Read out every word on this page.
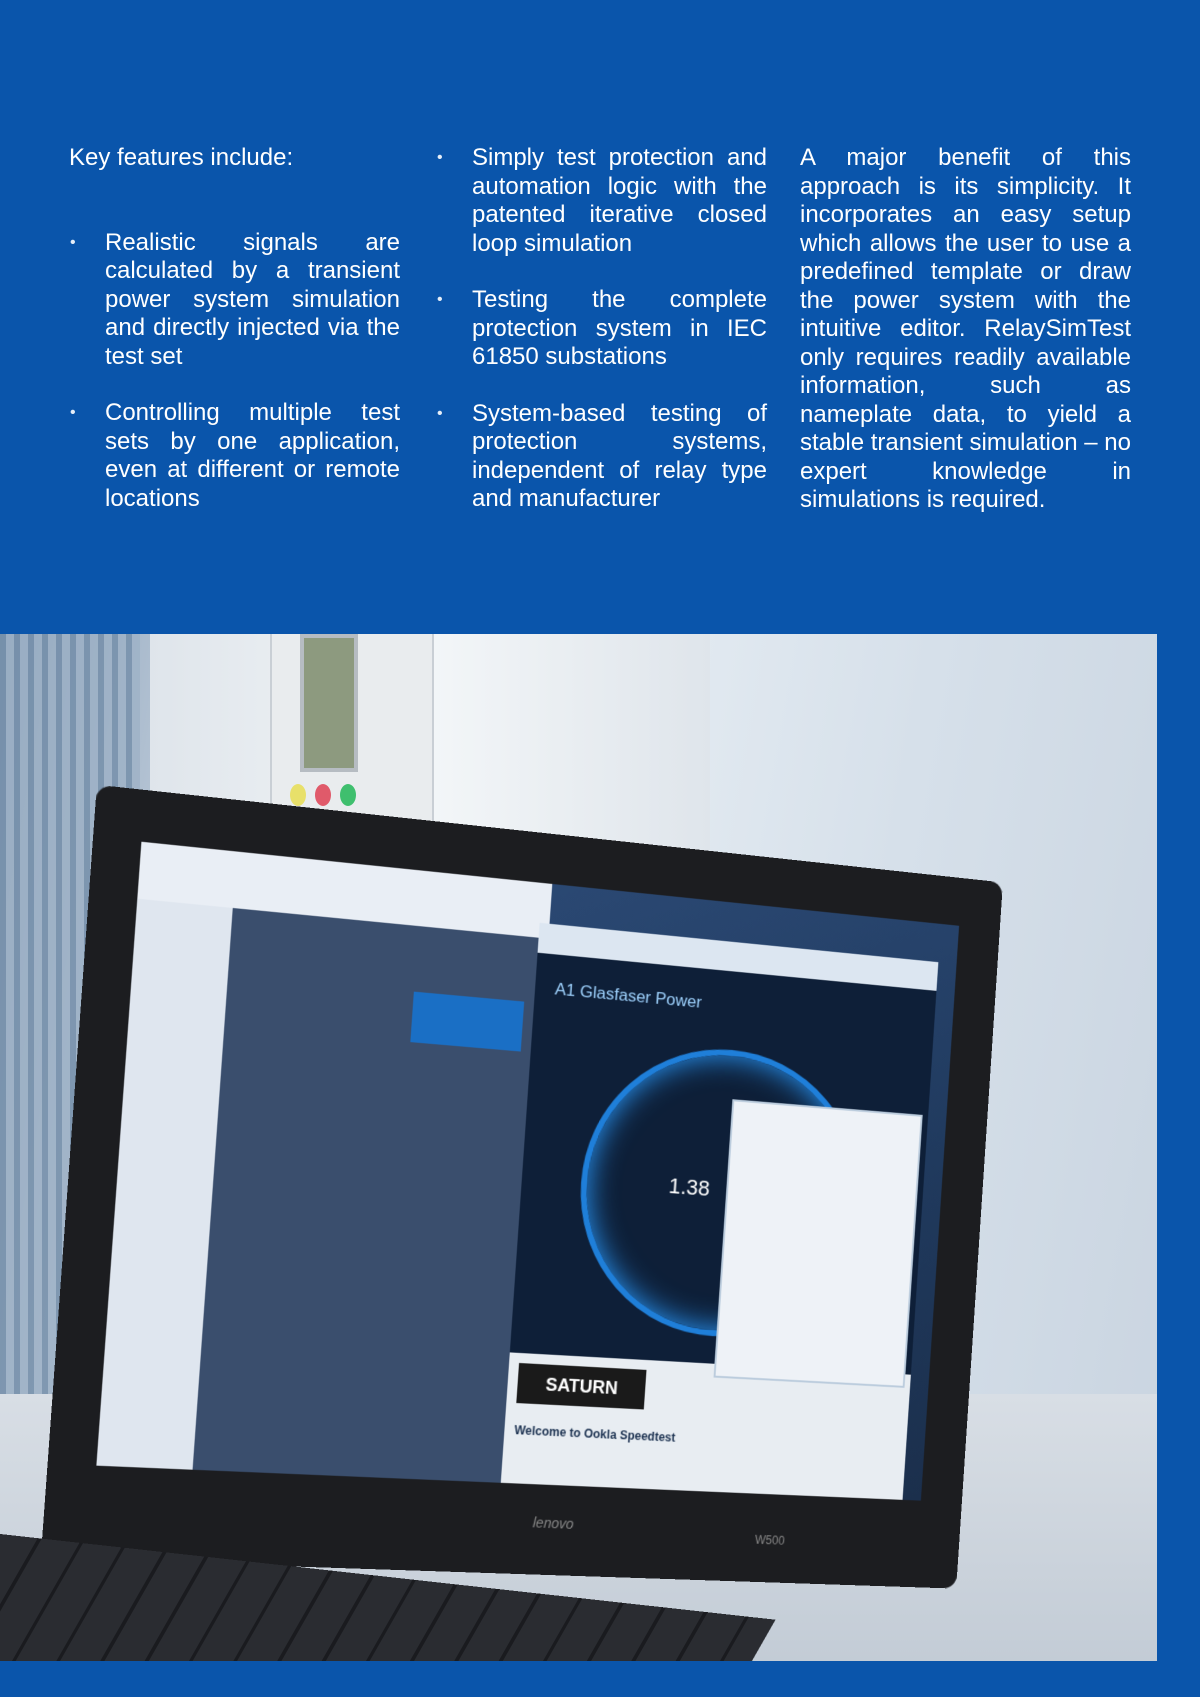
Key features include:

• Realistic signals are calculated by a transient power system simulation and directly injected via the test set
• Controlling multiple test sets by one application, even at different or remote locations
• Simply test protection and automation logic with the patented iterative closed loop simulation
• Testing the complete protection system in IEC 61850 substations
• System-based testing of protection systems, independent of relay type and manufacturer

A major benefit of this approach is its simplicity. It incorporates an easy setup which allows the user to use a predefined template or draw the power system with the intuitive editor. RelaySimTest only requires readily available information, such as nameplate data, to yield a stable transient simulation – no expert knowledge in simulations is required.

A1 Glasfaser Power
1.38
SATURN
Welcome to Ookla Speedtest
lenovo
W500
